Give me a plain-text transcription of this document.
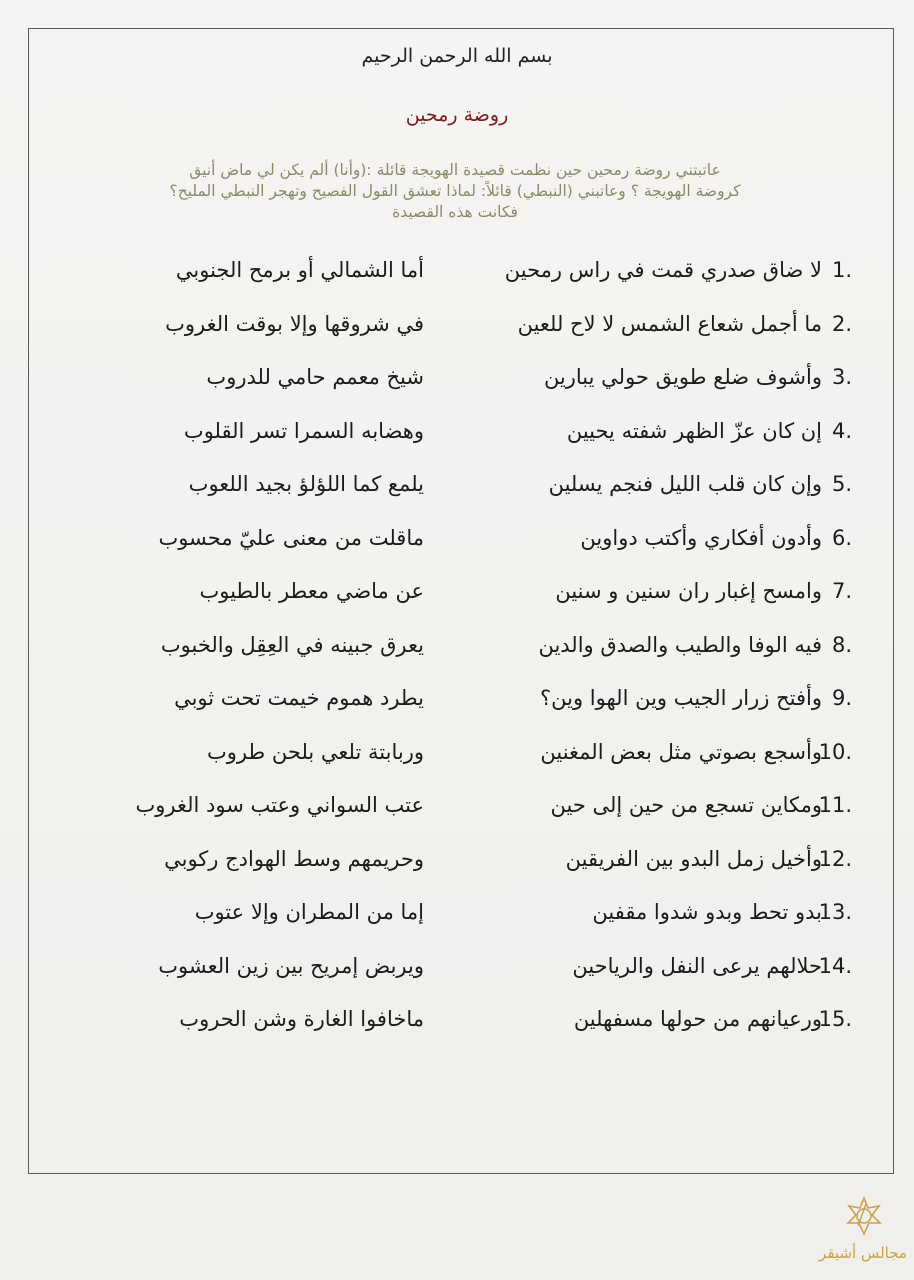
بسم الله الرحمن الرحيم
روضة رمحين
عاتبتني روضة رمحين حين نظمت قصيدة الهويجة قائلة :(وأنا) ألم يكن لي ماض أنيق
كروضة الهويجة ؟ وعاتبني (النبطي) قائلاً: لماذا تعشق القول الفصيح وتهجر النبطي المليح؟
فكانت هذه القصيدة
1.
لا ضاق صدري قمت في راس رمحين
أما الشمالي أو برمح الجنوبي
2.
ما أجمل شعاع الشمس لا لاح للعين
في شروقها وإلا بوقت الغروب
3.
وأشوف ضلع طويق حولي يبارين
شيخ معمم حامي للدروب
4.
إن كان عزّ الظهر شفته يحيين
وهضابه السمرا تسر القلوب
5.
وإن كان قلب الليل فنجم يسلين
يلمع كما اللؤلؤ بجيد اللعوب
6.
وأدون أفكاري وأكتب دواوين
ماقلت من معنى عليّ محسوب
7.
وامسح إغبار ران سنين و سنين
عن ماضي معطر بالطيوب
8.
فيه الوفا والطيب والصدق والدين
يعرق جبينه في العِقِل والخبوب
9.
وأفتح زرار الجيب وين الهوا وين؟
يطرد هموم خيمت تحت ثوبي
10.
وأسجع بصوتي مثل بعض المغنين
وربابتة تلعي بلحن طروب
11.
ومكاين تسجع من حين إلى حين
عتب السواني وعتب سود الغروب
12.
وأخيل زمل البدو بين الفريقين
وحريمهم وسط الهوادج ركوبي
13.
بدو تحط وبدو شدوا مقفين
إما من المطران وإلا عتوب
14.
حلالهم يرعى النفل والرياحين
ويربض إمريح بين زين العشوب
15.
ورعيانهم من حولها مسفهلين
ماخافوا الغارة وشن الحروب
مجالس أشيقر
